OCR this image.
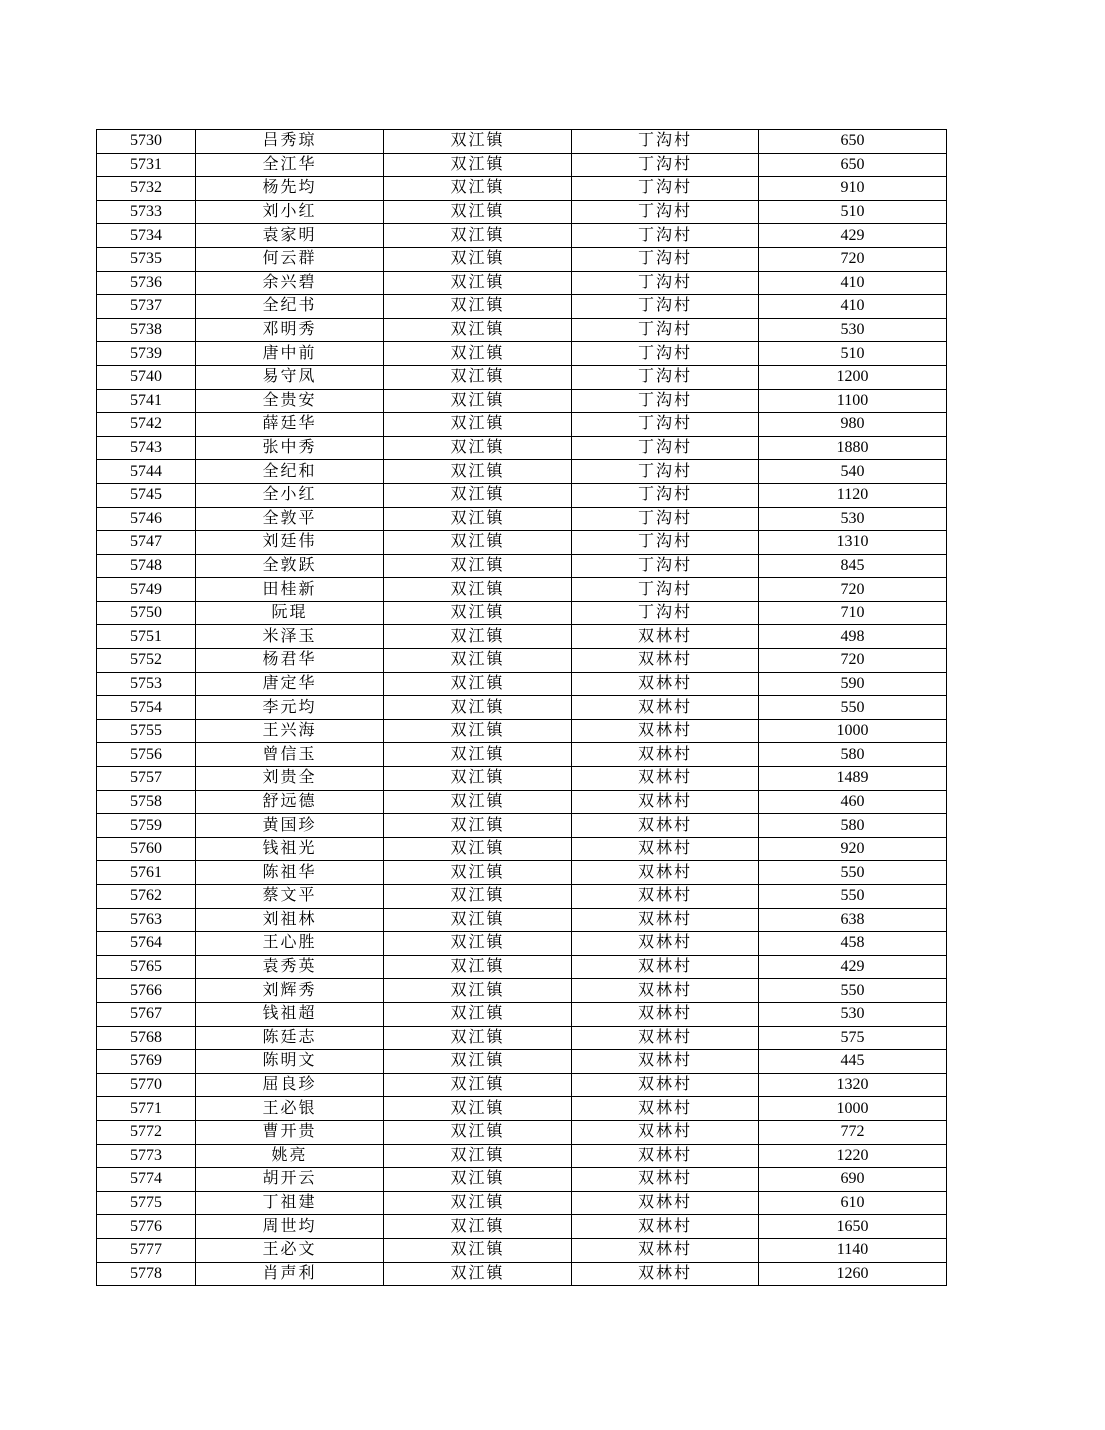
5730	吕秀琼	双江镇	丁沟村	650
5731	全江华	双江镇	丁沟村	650
5732	杨先均	双江镇	丁沟村	910
5733	刘小红	双江镇	丁沟村	510
5734	袁家明	双江镇	丁沟村	429
5735	何云群	双江镇	丁沟村	720
5736	余兴碧	双江镇	丁沟村	410
5737	全纪书	双江镇	丁沟村	410
5738	邓明秀	双江镇	丁沟村	530
5739	唐中前	双江镇	丁沟村	510
5740	易守凤	双江镇	丁沟村	1200
5741	全贵安	双江镇	丁沟村	1100
5742	薛廷华	双江镇	丁沟村	980
5743	张中秀	双江镇	丁沟村	1880
5744	全纪和	双江镇	丁沟村	540
5745	全小红	双江镇	丁沟村	1120
5746	全敦平	双江镇	丁沟村	530
5747	刘廷伟	双江镇	丁沟村	1310
5748	全敦跃	双江镇	丁沟村	845
5749	田桂新	双江镇	丁沟村	720
5750	阮琨	双江镇	丁沟村	710
5751	米泽玉	双江镇	双林村	498
5752	杨君华	双江镇	双林村	720
5753	唐定华	双江镇	双林村	590
5754	李元均	双江镇	双林村	550
5755	王兴海	双江镇	双林村	1000
5756	曾信玉	双江镇	双林村	580
5757	刘贵全	双江镇	双林村	1489
5758	舒远德	双江镇	双林村	460
5759	黄国珍	双江镇	双林村	580
5760	钱祖光	双江镇	双林村	920
5761	陈祖华	双江镇	双林村	550
5762	蔡文平	双江镇	双林村	550
5763	刘祖林	双江镇	双林村	638
5764	王心胜	双江镇	双林村	458
5765	袁秀英	双江镇	双林村	429
5766	刘辉秀	双江镇	双林村	550
5767	钱祖超	双江镇	双林村	530
5768	陈廷志	双江镇	双林村	575
5769	陈明文	双江镇	双林村	445
5770	屈良珍	双江镇	双林村	1320
5771	王必银	双江镇	双林村	1000
5772	曹开贵	双江镇	双林村	772
5773	姚亮	双江镇	双林村	1220
5774	胡开云	双江镇	双林村	690
5775	丁祖建	双江镇	双林村	610
5776	周世均	双江镇	双林村	1650
5777	王必文	双江镇	双林村	1140
5778	肖声利	双江镇	双林村	1260
